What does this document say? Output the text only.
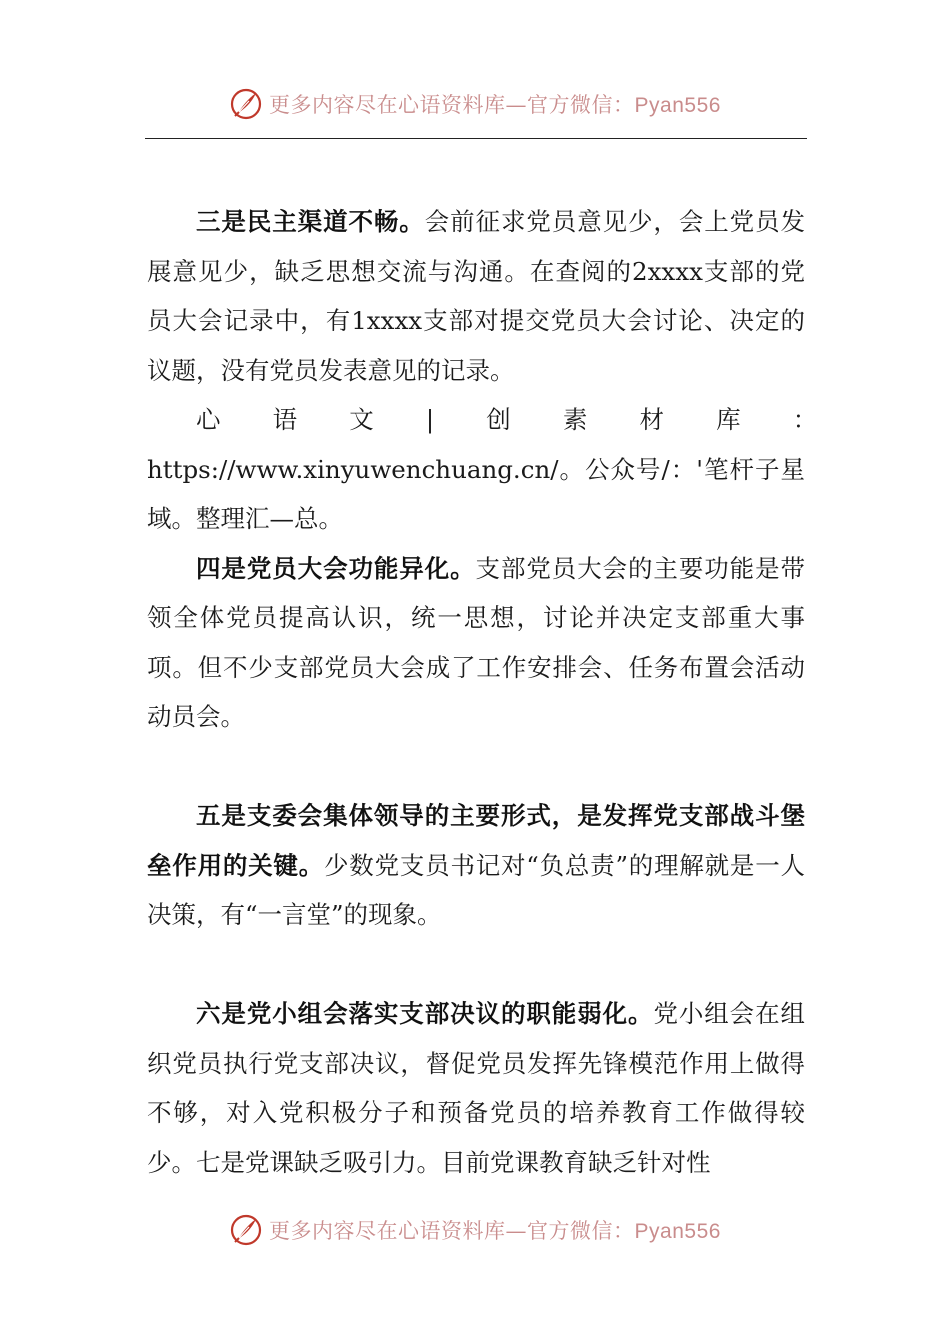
更多内容尽在心语资料库—官方微信：Pyan556

三是民主渠道不畅。会前征求党员意见少，会上党员发展意见少，缺乏思想交流与沟通。在查阅的2xxxx支部的党员大会记录中，有1xxxx支部对提交党员大会讨论、决定的议题，没有党员发表意见的记录。

心　语　文　|　创　素　材　库　：　https://www.xinyuwenchuang.cn/。公众号/：'笔杆子星域。整理汇—总。

四是党员大会功能异化。支部党员大会的主要功能是带领全体党员提高认识，统一思想，讨论并决定支部重大事项。但不少支部党员大会成了工作安排会、任务布置会活动动员会。

五是支委会集体领导的主要形式，是发挥党支部战斗堡垒作用的关键。少数党支员书记对“负总责”的理解就是一人决策，有“一言堂”的现象。

六是党小组会落实支部决议的职能弱化。党小组会在组织党员执行党支部决议，督促党员发挥先锋模范作用上做得不够，对入党积极分子和预备党员的培养教育工作做得较少。七是党课缺乏吸引力。目前党课教育缺乏针对性

更多内容尽在心语资料库—官方微信：Pyan556
